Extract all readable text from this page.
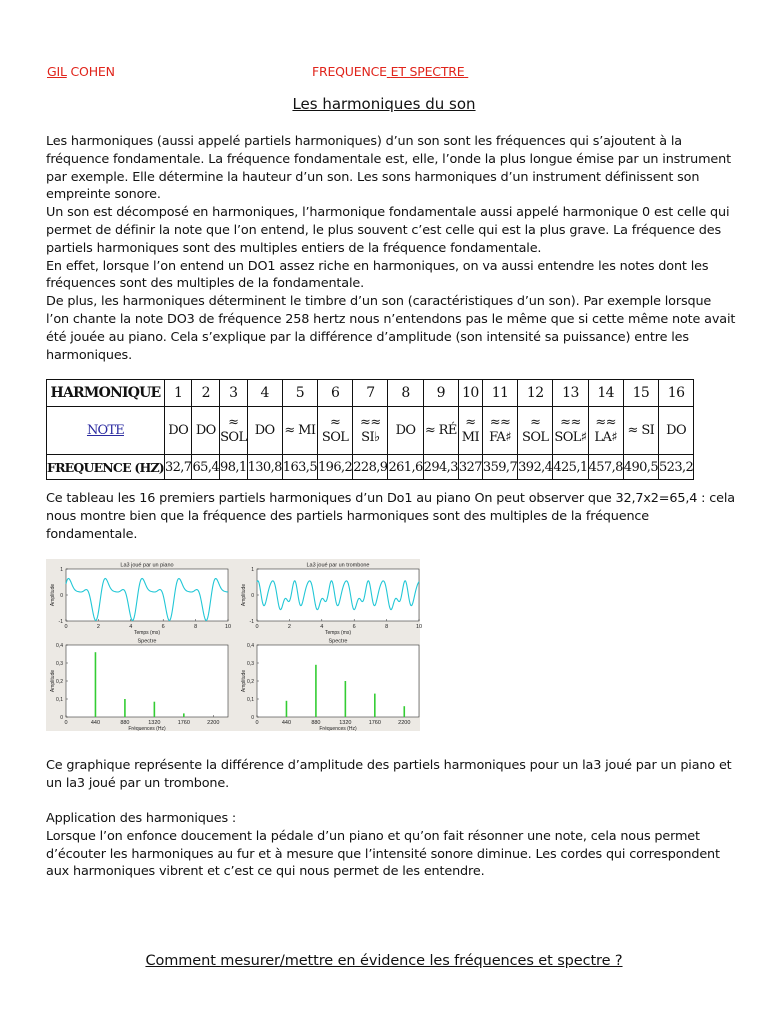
GIL COHEN	FREQUENCE ET SPECTRE
Les harmoniques du son

Les harmoniques (aussi appelé partiels harmoniques) d’un son sont les fréquences qui s’ajoutent à la fréquence fondamentale. La fréquence fondamentale est, elle, l’onde la plus longue émise par un instrument par exemple. Elle détermine la hauteur d’un son. Les sons harmoniques d’un instrument définissent son empreinte sonore.

Un son est décomposé en harmoniques, l’harmonique fondamentale aussi appelé harmonique 0 est celle qui permet de définir la note que l’on entend, le plus souvent c’est celle qui est la plus grave. La fréquence des partiels harmoniques sont des multiples entiers de la fréquence fondamentale.

En effet, lorsque l’on entend un DO1 assez riche en harmoniques, on va aussi entendre les notes dont les fréquences sont des multiples de la fondamentale.

De plus, les harmoniques déterminent le timbre d’un son (caractéristiques d’un son). Par exemple lorsque l’on chante la note DO3 de fréquence 258 hertz nous n’entendons pas le même que si cette même note avait été jouée au piano. Cela s’explique par la différence d’amplitude (son intensité sa puissance) entre les harmoniques.

HARMONIQUE	1	2	3	4	5	6	7	8	9	10	11	12	13	14	15	16
NOTE	DO	DO	≈ SOL	DO	≈ MI	≈ SOL	≈≈ SI♭	DO	≈ RÉ	≈ MI	≈≈ FA♯	≈ SOL	≈≈ SOL♯	≈≈ LA♯	≈ SI	DO
FREQUENCE (HZ)	32,7	65,4	98,1	130,8	163,5	196,2	228,9	261,6	294,3	327	359,7	392,4	425,1	457,8	490,5	523,2
Ce tableau les 16 premiers partiels harmoniques d’un Do1 au piano On peut observer que 32,7x2=65,4 : cela nous montre bien que la fréquence des partiels harmoniques sont des multiples de la fréquence fondamentale.
La3 joué par un piano
Amplitude
1
0
-1
0	2	4	6	8	10
Temps (ms)
La3 joué par un trombone
Amplitude
1
0
-1
0	2	4	6	8	10
Temps (ms)
Spectre
Amplitude
0,4
0,3
0,2
0,1
0
0	440	880	1320	1760	2200
Fréquences (Hz)
Spectre
Amplitude
0,4
0,3
0,2
0,1
0
0	440	880	1320	1760	2200
Fréquences (Hz)
Ce graphique représente la différence d’amplitude des partiels harmoniques pour un la3 joué par un piano et un la3 joué par un trombone.

Application des harmoniques :

Lorsque l’on enfonce doucement la pédale d’un piano et qu’on fait résonner une note, cela nous permet d’écouter les harmoniques au fur et à mesure que l’intensité sonore diminue. Les cordes qui correspondent aux harmoniques vibrent et c’est ce qui nous permet de les entendre.

Comment mesurer/mettre en évidence les fréquences et spectre ?
